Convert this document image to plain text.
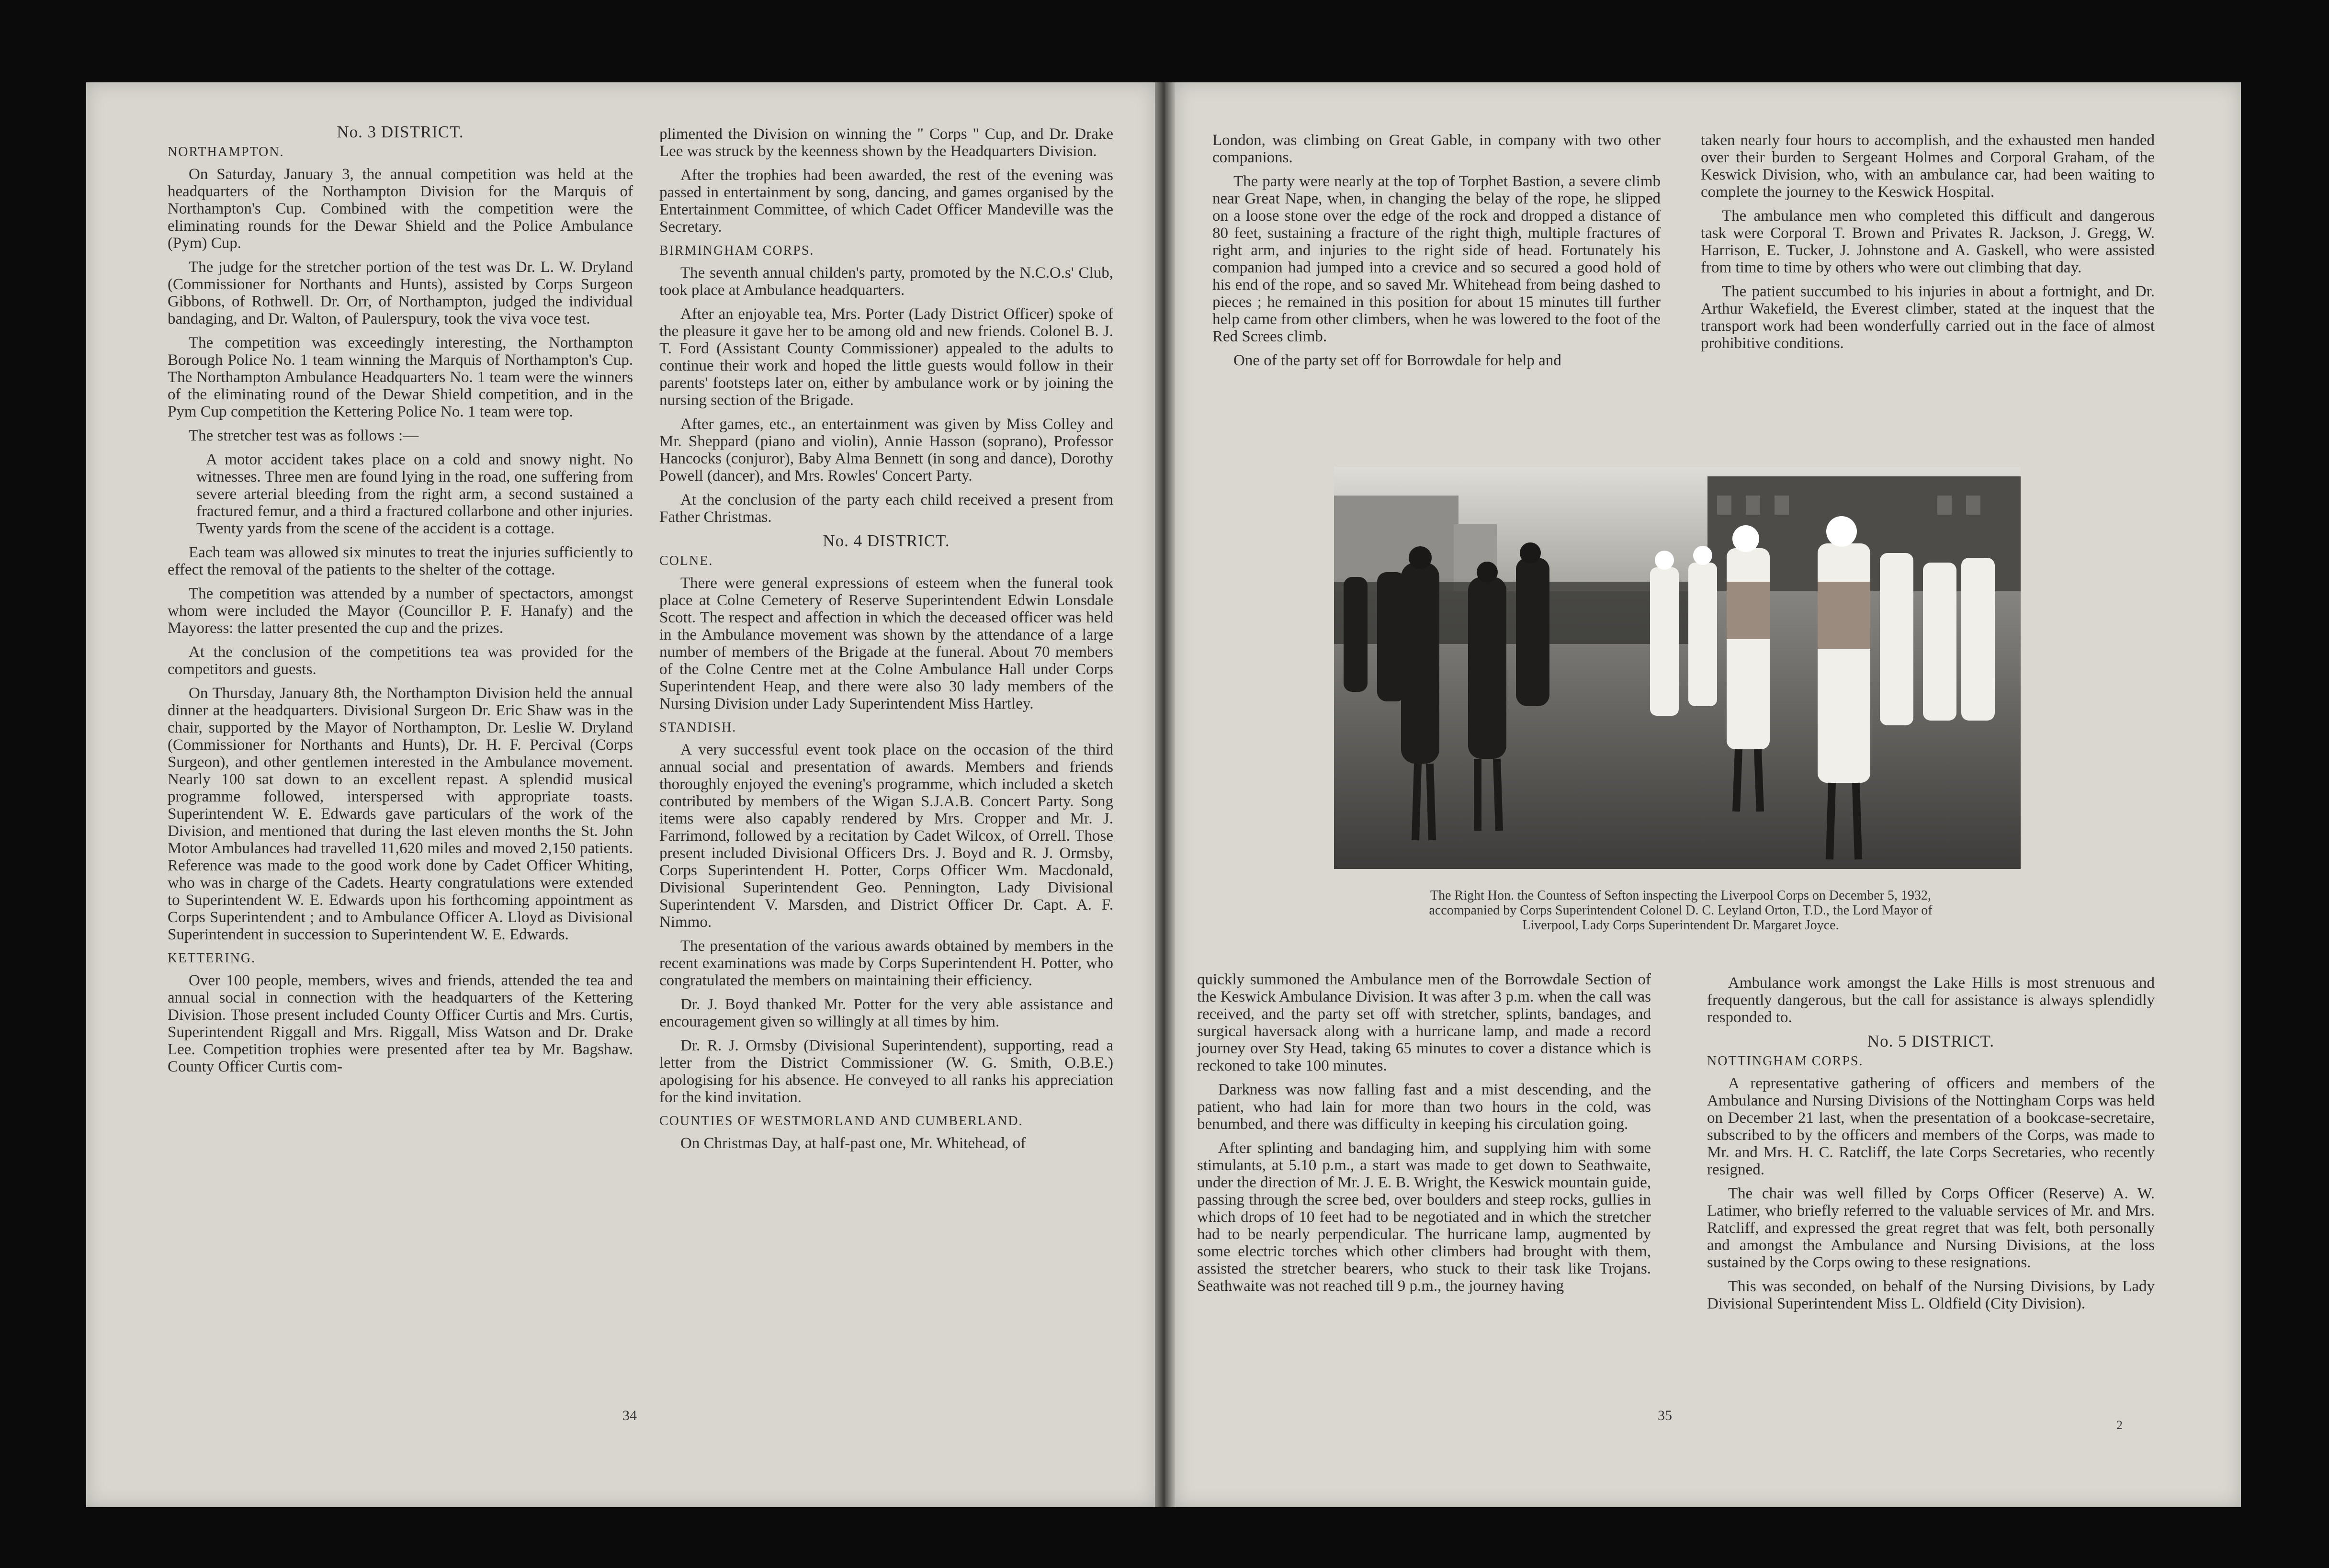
No. 3 DISTRICT.
NORTHAMPTON.

On Saturday, January 3, the annual competition was held at the headquarters of the Northampton Division for the Marquis of Northampton's Cup. Combined with the competition were the eliminating rounds for the Dewar Shield and the Police Ambulance (Pym) Cup.

The judge for the stretcher portion of the test was Dr. L. W. Dryland (Commissioner for Northants and Hunts), assisted by Corps Surgeon Gibbons, of Rothwell. Dr. Orr, of Northampton, judged the individual bandaging, and Dr. Walton, of Paulerspury, took the viva voce test.

The competition was exceedingly interesting, the Northampton Borough Police No. 1 team winning the Marquis of Northampton's Cup. The Northampton Ambulance Headquarters No. 1 team were the winners of the eliminating round of the Dewar Shield competition, and in the Pym Cup competition the Kettering Police No. 1 team were top.

The stretcher test was as follows :—

A motor accident takes place on a cold and snowy night. No witnesses. Three men are found lying in the road, one suffering from severe arterial bleeding from the right arm, a second sustained a fractured femur, and a third a fractured collarbone and other injuries. Twenty yards from the scene of the accident is a cottage.

Each team was allowed six minutes to treat the injuries sufficiently to effect the removal of the patients to the shelter of the cottage.

The competition was attended by a number of spectactors, amongst whom were included the Mayor (Councillor P. F. Hanafy) and the Mayoress: the latter presented the cup and the prizes.

At the conclusion of the competitions tea was provided for the competitors and guests.

On Thursday, January 8th, the Northampton Division held the annual dinner at the headquarters. Divisional Surgeon Dr. Eric Shaw was in the chair, supported by the Mayor of Northampton, Dr. Leslie W. Dryland (Commissioner for Northants and Hunts), Dr. H. F. Percival (Corps Surgeon), and other gentlemen interested in the Ambulance movement. Nearly 100 sat down to an excellent repast. A splendid musical programme followed, interspersed with appropriate toasts. Superintendent W. E. Edwards gave particulars of the work of the Division, and mentioned that during the last eleven months the St. John Motor Ambulances had travelled 11,620 miles and moved 2,150 patients. Reference was made to the good work done by Cadet Officer Whiting, who was in charge of the Cadets. Hearty congratulations were extended to Superintendent W. E. Edwards upon his forthcoming appointment as Corps Superintendent ; and to Ambulance Officer A. Lloyd as Divisional Superintendent in succession to Superintendent W. E. Edwards.

KETTERING.

Over 100 people, members, wives and friends, attended the tea and annual social in connection with the headquarters of the Kettering Division. Those present included County Officer Curtis and Mrs. Curtis, Superintendent Riggall and Mrs. Riggall, Miss Watson and Dr. Drake Lee. Competition trophies were presented after tea by Mr. Bagshaw. County Officer Curtis com-

plimented the Division on winning the " Corps " Cup, and Dr. Drake Lee was struck by the keenness shown by the Headquarters Division.

After the trophies had been awarded, the rest of the evening was passed in entertainment by song, dancing, and games organised by the Entertainment Committee, of which Cadet Officer Mandeville was the Secretary.

BIRMINGHAM CORPS.

The seventh annual childen's party, promoted by the N.C.O.s' Club, took place at Ambulance headquarters.

After an enjoyable tea, Mrs. Porter (Lady District Officer) spoke of the pleasure it gave her to be among old and new friends. Colonel B. J. T. Ford (Assistant County Commissioner) appealed to the adults to continue their work and hoped the little guests would follow in their parents' footsteps later on, either by ambulance work or by joining the nursing section of the Brigade.

After games, etc., an entertainment was given by Miss Colley and Mr. Sheppard (piano and violin), Annie Hasson (soprano), Professor Hancocks (conjuror), Baby Alma Bennett (in song and dance), Dorothy Powell (dancer), and Mrs. Rowles' Concert Party.

At the conclusion of the party each child received a present from Father Christmas.

No. 4 DISTRICT.
COLNE.

There were general expressions of esteem when the funeral took place at Colne Cemetery of Reserve Superintendent Edwin Lonsdale Scott. The respect and affection in which the deceased officer was held in the Ambulance movement was shown by the attendance of a large number of members of the Brigade at the funeral. About 70 members of the Colne Centre met at the Colne Ambulance Hall under Corps Superintendent Heap, and there were also 30 lady members of the Nursing Division under Lady Superintendent Miss Hartley.

STANDISH.

A very successful event took place on the occasion of the third annual social and presentation of awards. Members and friends thoroughly enjoyed the evening's programme, which included a sketch contributed by members of the Wigan S.J.A.B. Concert Party. Song items were also capably rendered by Mrs. Cropper and Mr. J. Farrimond, followed by a recitation by Cadet Wilcox, of Orrell. Those present included Divisional Officers Drs. J. Boyd and R. J. Ormsby, Corps Superintendent H. Potter, Corps Officer Wm. Macdonald, Divisional Superintendent Geo. Pennington, Lady Divisional Superintendent V. Marsden, and District Officer Dr. Capt. A. F. Nimmo.

The presentation of the various awards obtained by members in the recent examinations was made by Corps Superintendent H. Potter, who congratulated the members on maintaining their efficiency.

Dr. J. Boyd thanked Mr. Potter for the very able assistance and encouragement given so willingly at all times by him.

Dr. R. J. Ormsby (Divisional Superintendent), supporting, read a letter from the District Commissioner (W. G. Smith, O.B.E.) apologising for his absence. He conveyed to all ranks his appreciation for the kind invitation.

COUNTIES OF WESTMORLAND AND CUMBERLAND.

On Christmas Day, at half-past one, Mr. Whitehead, of

34

London, was climbing on Great Gable, in company with two other companions.

The party were nearly at the top of Torphet Bastion, a severe climb near Great Nape, when, in changing the belay of the rope, he slipped on a loose stone over the edge of the rock and dropped a distance of 80 feet, sustaining a fracture of the right thigh, multiple fractures of right arm, and injuries to the right side of head. Fortunately his companion had jumped into a crevice and so secured a good hold of his end of the rope, and so saved Mr. Whitehead from being dashed to pieces ; he remained in this position for about 15 minutes till further help came from other climbers, when he was lowered to the foot of the Red Screes climb.

One of the party set off for Borrowdale for help and

taken nearly four hours to accomplish, and the exhausted men handed over their burden to Sergeant Holmes and Corporal Graham, of the Keswick Division, who, with an ambulance car, had been waiting to complete the journey to the Keswick Hospital.

The ambulance men who completed this difficult and dangerous task were Corporal T. Brown and Privates R. Jackson, J. Gregg, W. Harrison, E. Tucker, J. Johnstone and A. Gaskell, who were assisted from time to time by others who were out climbing that day.

The patient succumbed to his injuries in about a fortnight, and Dr. Arthur Wakefield, the Everest climber, stated at the inquest that the transport work had been wonderfully carried out in the face of almost prohibitive conditions.

The Right Hon. the Countess of Sefton inspecting the Liverpool Corps on December 5, 1932,
accompanied by Corps Superintendent Colonel D. C. Leyland Orton, T.D., the Lord Mayor of
Liverpool, Lady Corps Superintendent Dr. Margaret Joyce.

quickly summoned the Ambulance men of the Borrowdale Section of the Keswick Ambulance Division. It was after 3 p.m. when the call was received, and the party set off with stretcher, splints, bandages, and surgical haversack along with a hurricane lamp, and made a record journey over Sty Head, taking 65 minutes to cover a distance which is reckoned to take 100 minutes.

Darkness was now falling fast and a mist descending, and the patient, who had lain for more than two hours in the cold, was benumbed, and there was difficulty in keeping his circulation going.

After splinting and bandaging him, and supplying him with some stimulants, at 5.10 p.m., a start was made to get down to Seathwaite, under the direction of Mr. J. E. B. Wright, the Keswick mountain guide, passing through the scree bed, over boulders and steep rocks, gullies in which drops of 10 feet had to be negotiated and in which the stretcher had to be nearly perpendicular. The hurricane lamp, augmented by some electric torches which other climbers had brought with them, assisted the stretcher bearers, who stuck to their task like Trojans. Seathwaite was not reached till 9 p.m., the journey having

Ambulance work amongst the Lake Hills is most strenuous and frequently dangerous, but the call for assistance is always splendidly responded to.

No. 5 DISTRICT.
NOTTINGHAM CORPS.

A representative gathering of officers and members of the Ambulance and Nursing Divisions of the Nottingham Corps was held on December 21 last, when the presentation of a bookcase-secretaire, subscribed to by the officers and members of the Corps, was made to Mr. and Mrs. H. C. Ratcliff, the late Corps Secretaries, who recently resigned.

The chair was well filled by Corps Officer (Reserve) A. W. Latimer, who briefly referred to the valuable services of Mr. and Mrs. Ratcliff, and expressed the great regret that was felt, both personally and amongst the Ambulance and Nursing Divisions, at the loss sustained by the Corps owing to these resignations.

This was seconded, on behalf of the Nursing Divisions, by Lady Divisional Superintendent Miss L. Oldfield (City Division).

35
2
